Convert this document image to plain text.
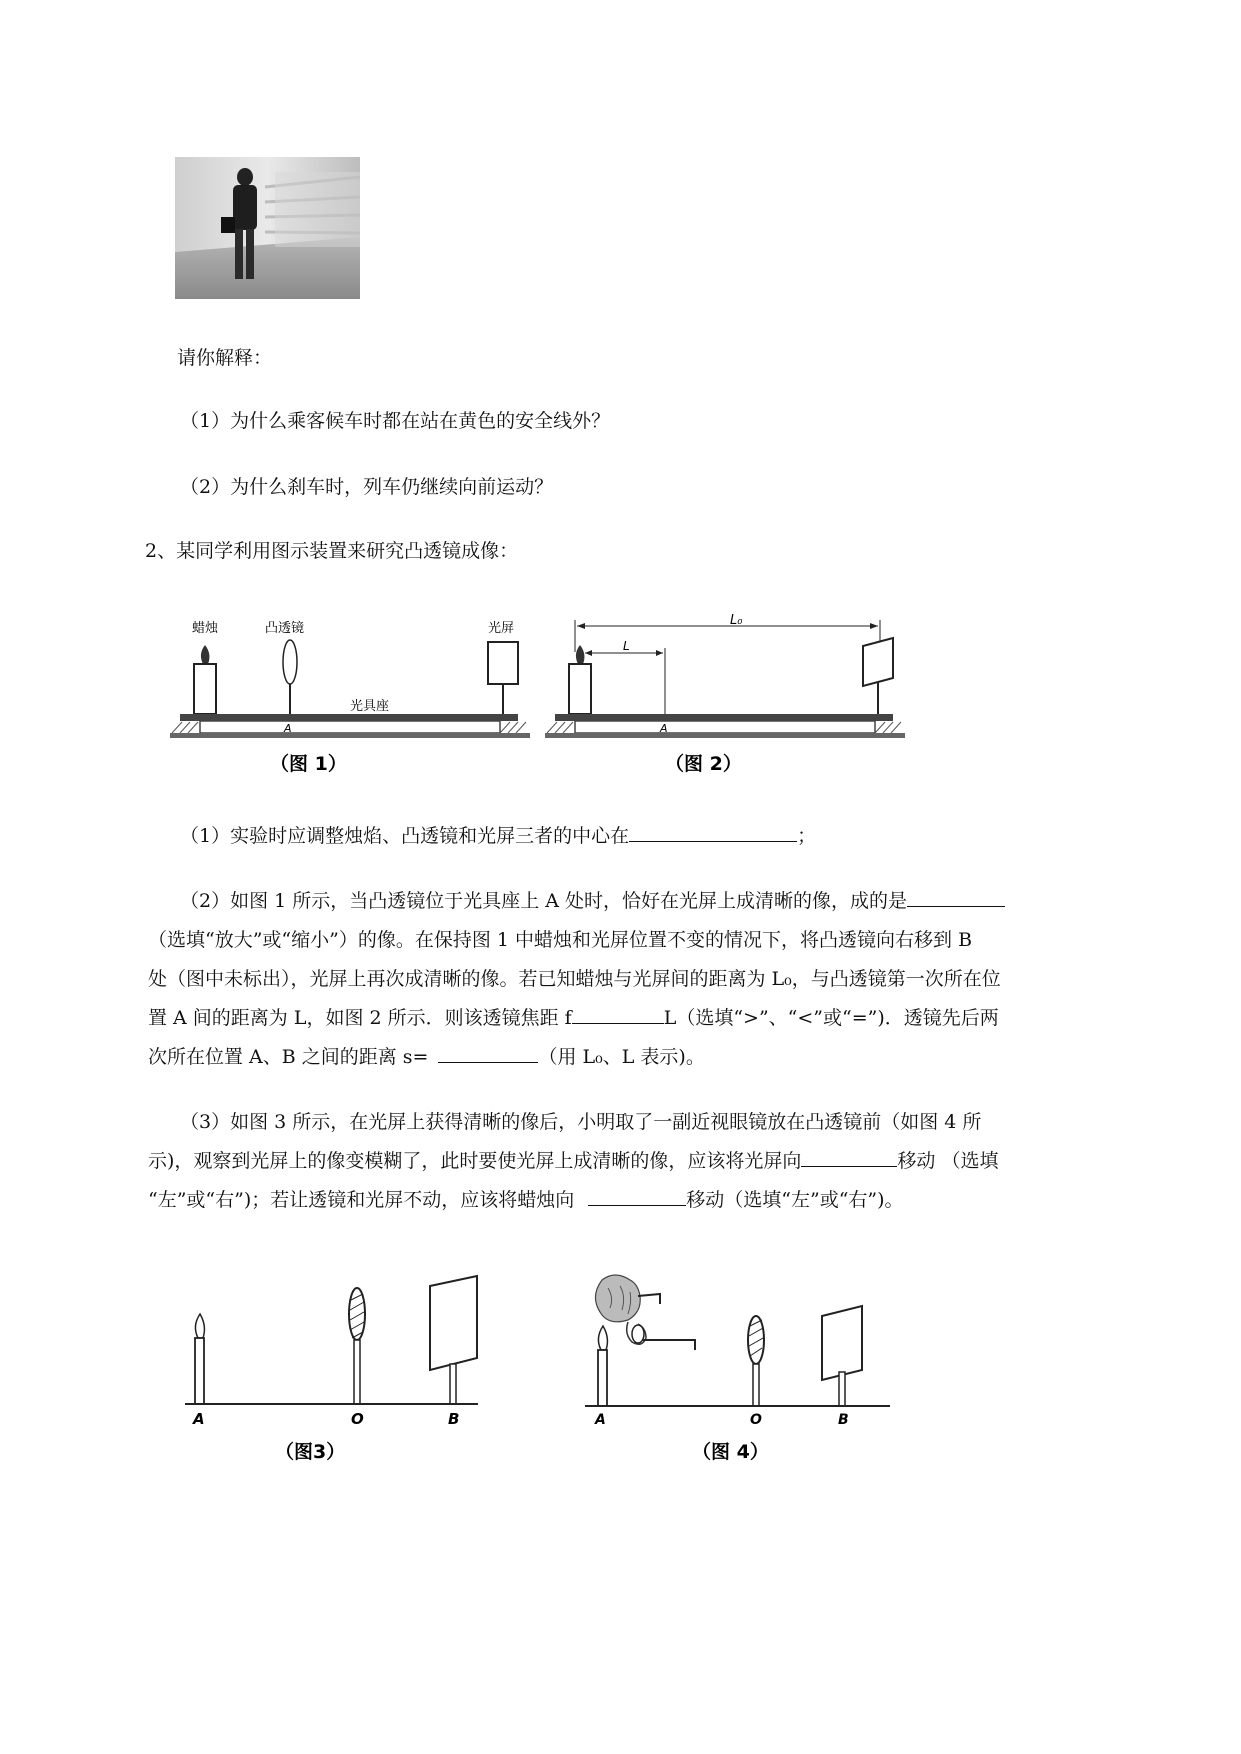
请你解释：
（1）为什么乘客候车时都在站在黄色的安全线外？
（2）为什么刹车时，列车仍继续向前运动？
2、某同学利用图示装置来研究凸透镜成像：
蜡烛	凸透镜	光屏
光具座
A
（图 1）
L₀
L
A
（图 2）
（1）实验时应调整烛焰、凸透镜和光屏三者的中心在	；
（2）如图 1 所示，当凸透镜位于光具座上 A 处时，恰好在光屏上成清晰的像，成的是
（选填“放大”或“缩小”）的像。在保持图 1 中蜡烛和光屏位置不变的情况下，将凸透镜向右移到 B
处（图中未标出），光屏上再次成清晰的像。若已知蜡烛与光屏间的距离为 L₀，与凸透镜第一次所在位
置 A 间的距离为 L，如图 2 所示．则该透镜焦距 f	L（选填“>”、“<”或“=”)．透镜先后两
次所在位置 A、B 之间的距离 s=	（用 L₀、L 表示)。
（3）如图 3 所示，在光屏上获得清晰的像后，小明取了一副近视眼镜放在凸透镜前（如图 4 所
示)，观察到光屏上的像变模糊了，此时要使光屏上成清晰的像，应该将光屏向	移动 （选填
“左”或“右”)；若让透镜和光屏不动，应该将蜡烛向	移动（选填“左”或“右”)。
A	O	B
（图3）
A	O	B
（图 4）
